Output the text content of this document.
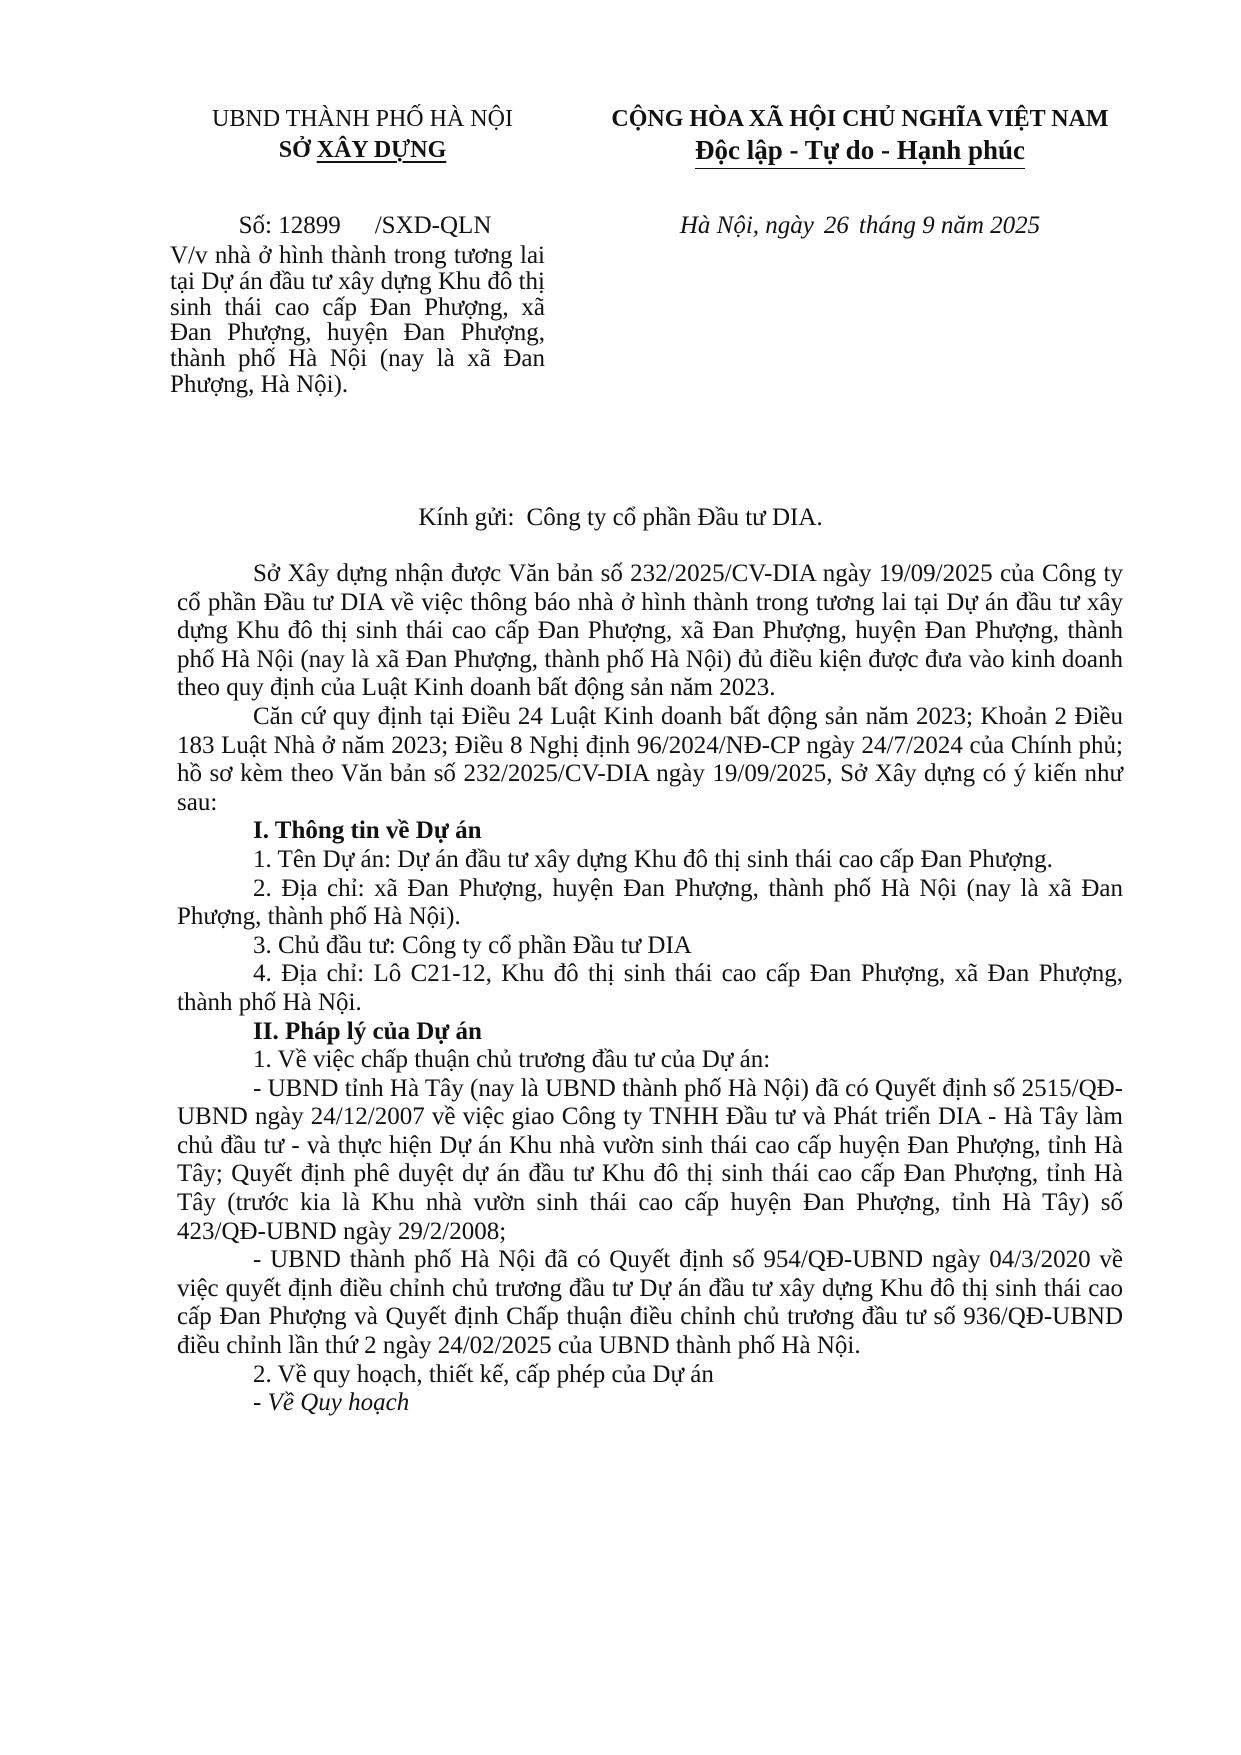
UBND THÀNH PHỐ HÀ NỘI
SỞ XÂY DỰNG
CỘNG HÒA XÃ HỘI CHỦ NGHĨA VIỆT NAM
Độc lập - Tự do - Hạnh phúc
Số: 12899 /SXD-QLN
V/v nhà ở hình thành trong tương lai tại Dự án đầu tư xây dựng Khu đô thị sinh thái cao cấp Đan Phượng, xã Đan Phượng, huyện Đan Phượng, thành phố Hà Nội (nay là xã Đan Phượng, Hà Nội).
Hà Nội, ngày 26 tháng 9 năm 2025
Kính gửi: Công ty cổ phần Đầu tư DIA.

Sở Xây dựng nhận được Văn bản số 232/2025/CV-DIA ngày 19/09/2025 của Công ty cổ phần Đầu tư DIA về việc thông báo nhà ở hình thành trong tương lai tại Dự án đầu tư xây dựng Khu đô thị sinh thái cao cấp Đan Phượng, xã Đan Phượng, huyện Đan Phượng, thành phố Hà Nội (nay là xã Đan Phượng, thành phố Hà Nội) đủ điều kiện được đưa vào kinh doanh theo quy định của Luật Kinh doanh bất động sản năm 2023.

Căn cứ quy định tại Điều 24 Luật Kinh doanh bất động sản năm 2023; Khoản 2 Điều 183 Luật Nhà ở năm 2023; Điều 8 Nghị định 96/2024/NĐ-CP ngày 24/7/2024 của Chính phủ; hồ sơ kèm theo Văn bản số 232/2025/CV-DIA ngày 19/09/2025, Sở Xây dựng có ý kiến như sau:

I. Thông tin về Dự án

1. Tên Dự án: Dự án đầu tư xây dựng Khu đô thị sinh thái cao cấp Đan Phượng.

2. Địa chỉ: xã Đan Phượng, huyện Đan Phượng, thành phố Hà Nội (nay là xã Đan Phượng, thành phố Hà Nội).

3. Chủ đầu tư: Công ty cổ phần Đầu tư DIA

4. Địa chỉ: Lô C21-12, Khu đô thị sinh thái cao cấp Đan Phượng, xã Đan Phượng, thành phố Hà Nội.

II. Pháp lý của Dự án

1. Về việc chấp thuận chủ trương đầu tư của Dự án:

- UBND tỉnh Hà Tây (nay là UBND thành phố Hà Nội) đã có Quyết định số 2515/QĐ-UBND ngày 24/12/2007 về việc giao Công ty TNHH Đầu tư và Phát triển DIA - Hà Tây làm chủ đầu tư - và thực hiện Dự án Khu nhà vườn sinh thái cao cấp huyện Đan Phượng, tỉnh Hà Tây; Quyết định phê duyệt dự án đầu tư Khu đô thị sinh thái cao cấp Đan Phượng, tỉnh Hà Tây (trước kia là Khu nhà vườn sinh thái cao cấp huyện Đan Phượng, tỉnh Hà Tây) số 423/QĐ-UBND ngày 29/2/2008;

- UBND thành phố Hà Nội đã có Quyết định số 954/QĐ-UBND ngày 04/3/2020 về việc quyết định điều chỉnh chủ trương đầu tư Dự án đầu tư xây dựng Khu đô thị sinh thái cao cấp Đan Phượng và Quyết định Chấp thuận điều chỉnh chủ trương đầu tư số 936/QĐ-UBND điều chỉnh lần thứ 2 ngày 24/02/2025 của UBND thành phố Hà Nội.

2. Về quy hoạch, thiết kế, cấp phép của Dự án

- Về Quy hoạch
